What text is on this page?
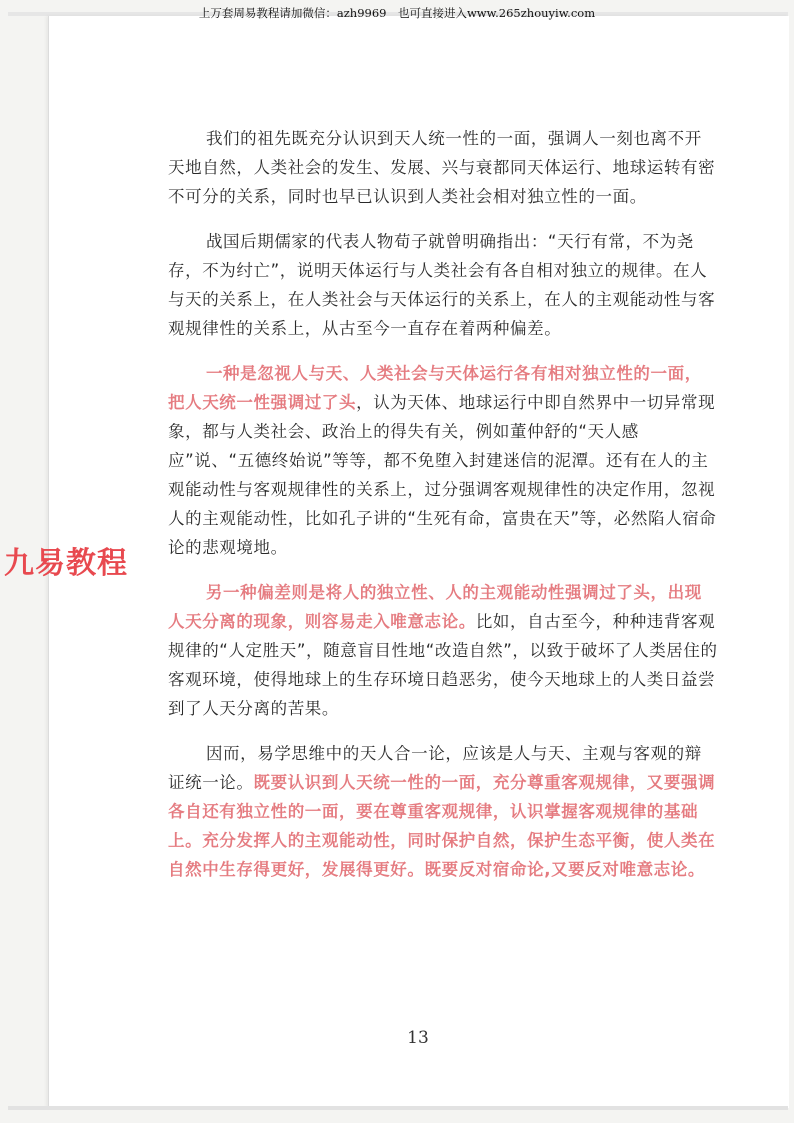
上万套周易教程请加微信：azh9969　也可直接进入www.265zhouyiw.com

我们的祖先既充分认识到天人统一性的一面，强调人一刻也离不开天地自然，人类社会的发生、发展、兴与衰都同天体运行、地球运转有密不可分的关系，同时也早已认识到人类社会相对独立性的一面。

战国后期儒家的代表人物荀子就曾明确指出：“天行有常，不为尧存，不为纣亡”，说明天体运行与人类社会有各自相对独立的规律。在人与天的关系上，在人类社会与天体运行的关系上，在人的主观能动性与客观规律性的关系上，从古至今一直存在着两种偏差。

一种是忽视人与天、人类社会与天体运行各有相对独立性的一面，把人天统一性强调过了头，认为天体、地球运行中即自然界中一切异常现象，都与人类社会、政治上的得失有关，例如董仲舒的“天人感应”说、“五德终始说”等等，都不免堕入封建迷信的泥潭。还有在人的主观能动性与客观规律性的关系上，过分强调客观规律性的决定作用，忽视人的主观能动性，比如孔子讲的“生死有命，富贵在天”等，必然陷人宿命论的悲观境地。

另一种偏差则是将人的独立性、人的主观能动性强调过了头，出现人天分离的现象，则容易走入唯意志论。比如，自古至今，种种违背客观规律的“人定胜天”，随意盲目性地“改造自然”，以致于破坏了人类居住的客观环境，使得地球上的生存环境日趋恶劣，使今天地球上的人类日益尝到了人天分离的苦果。

因而，易学思维中的天人合一论，应该是人与天、主观与客观的辩证统一论。既要认识到人天统一性的一面，充分尊重客观规律，又要强调各自还有独立性的一面，要在尊重客观规律，认识掌握客观规律的基础上。充分发挥人的主观能动性，同时保护自然，保护生态平衡，使人类在自然中生存得更好，发展得更好。既要反对宿命论,又要反对唯意志论。

九易教程
13
